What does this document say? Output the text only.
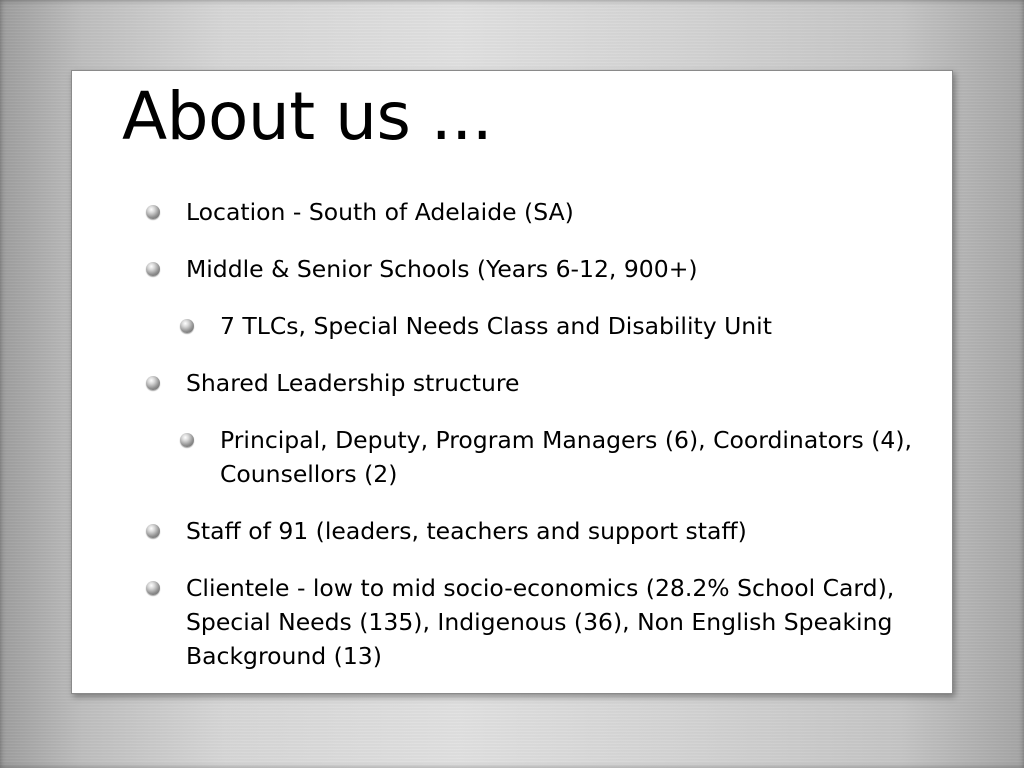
About us ...
Location - South of Adelaide (SA)
Middle & Senior Schools (Years 6-12, 900+)
7 TLCs, Special Needs Class and Disability Unit
Shared Leadership structure
Principal, Deputy, Program Managers (6), Coordinators (4), Counsellors (2)
Staff of 91 (leaders, teachers and support staff)
Clientele - low to mid socio-economics (28.2% School Card), Special Needs (135), Indigenous (36), Non English Speaking Background (13)
